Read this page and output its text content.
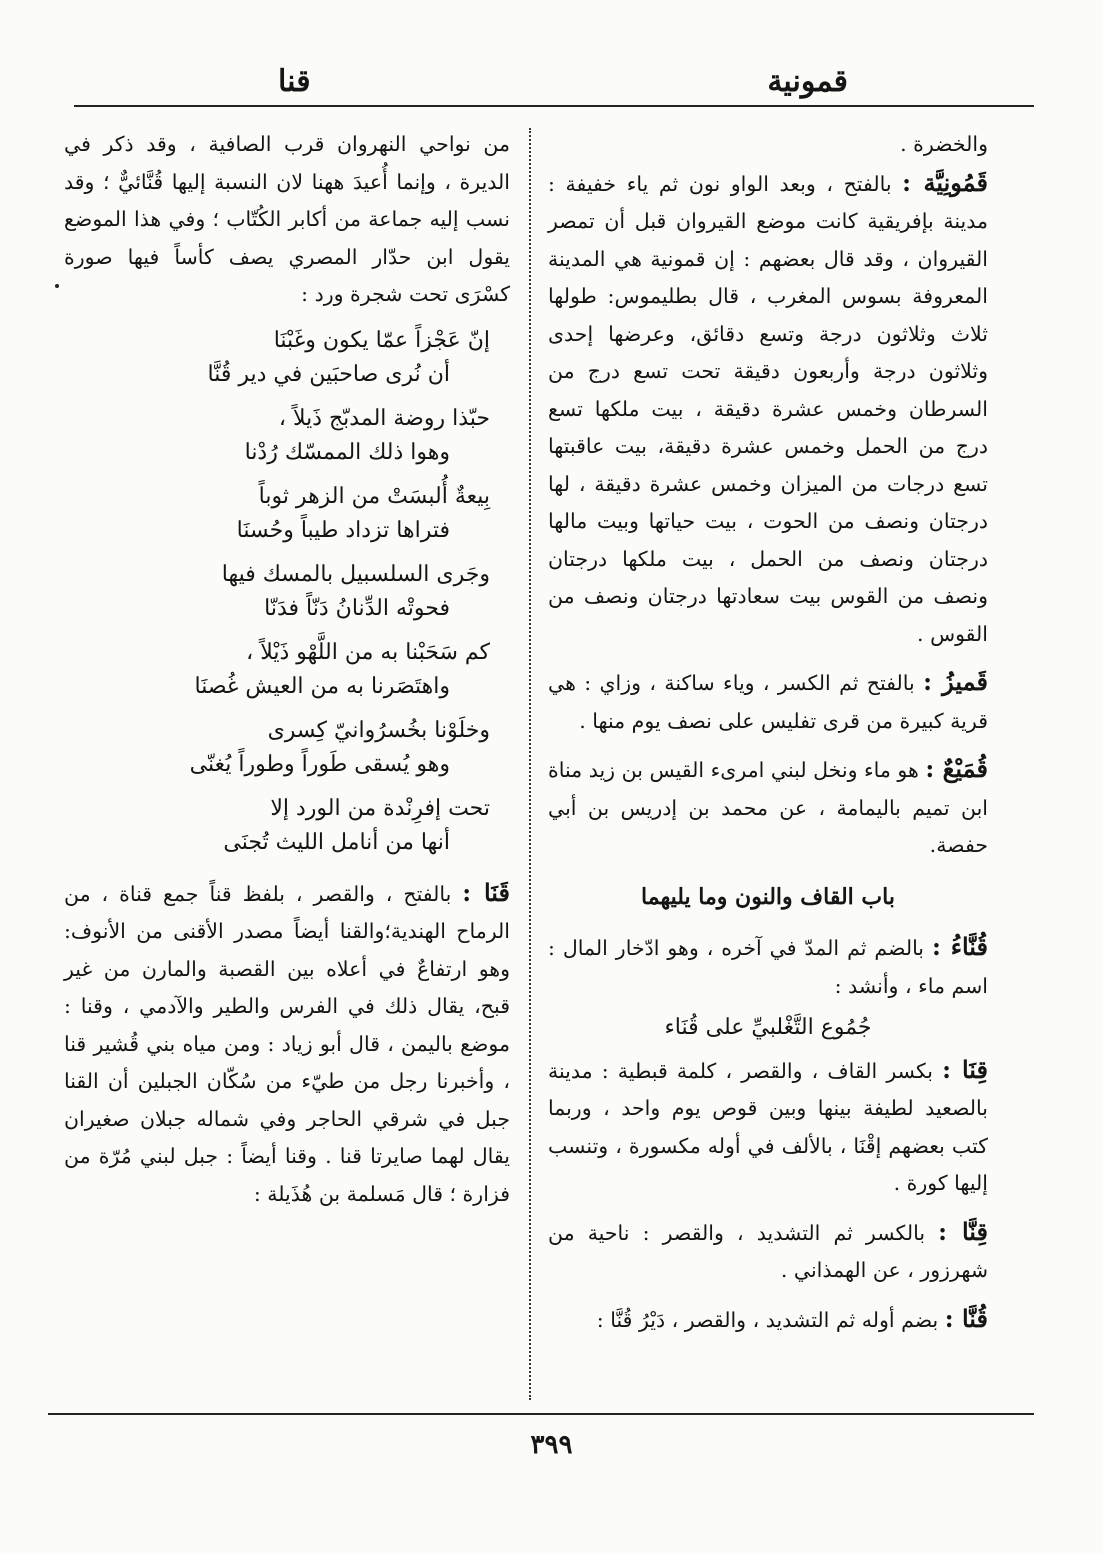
قمونية
قنا

والخضرة .

قَمُونِيَّة : بالفتح ، وبعد الواو نون ثم ياء خفيفة : مدينة بإفريقية كانت موضع القيروان قبل أن تمصر القيروان ، وقد قال بعضهم : إن قمونية هي المدينة المعروفة بسوس المغرب ، قال بطليموس: طولها ثلاث وثلاثون درجة وتسع دقائق، وعرضها إحدى وثلاثون درجة وأربعون دقيقة تحت تسع درج من السرطان وخمس عشرة دقيقة ، بيت ملكها تسع درج من الحمل وخمس عشرة دقيقة، بيت عاقبتها تسع درجات من الميزان وخمس عشرة دقيقة ، لها درجتان ونصف من الحوت ، بيت حياتها وبيت مالها درجتان ونصف من الحمل ، بيت ملكها درجتان ونصف من القوس بيت سعادتها درجتان ونصف من القوس .

قَميزُ : بالفتح ثم الكسر ، وياء ساكنة ، وزاي : هي قرية كبيرة من قرى تفليس على نصف يوم منها .

قُمَيْعٌ : هو ماء ونخل لبني امرىء القيس بن زيد مناة ابن تميم باليمامة ، عن محمد بن إدريس بن أبي حفصة.

باب القاف والنون وما يليهما

قُنَّاءُ : بالضم ثم المدّ في آخره ، وهو ادّخار المال : اسم ماء ، وأنشد :

جُمُوع التَّغْلبيِّ على قُنَاء

قِنَا : بكسر القاف ، والقصر ، كلمة قبطية : مدينة بالصعيد لطيفة بينها وبين قوص يوم واحد ، وربما كتب بعضهم إقْنَا ، بالألف في أوله مكسورة ، وتنسب إليها كورة .

قِنَّا : بالكسر ثم التشديد ، والقصر : ناحية من شهرزور ، عن الهمذاني .

قُنَّا : بضم أوله ثم التشديد ، والقصر ، دَيْرُ قُنَّا :

من نواحي النهروان قرب الصافية ، وقد ذكر في الديرة ، وإنما أُعيدَ ههنا لان النسبة إليها قُنَّائيٌّ ؛ وقد نسب إليه جماعة من أكابر الكُتّاب ؛ وفي هذا الموضع يقول ابن حدّار المصري يصف كأساً فيها صورة كسْرَى تحت شجرة ورد :

إنّ عَجْزاً عمّا يكون وغَبْنَا
أن نُرى صاحبَين في دير قُنَّا
حبّذا روضة المدبّج ذَيلاً ،
وهوا ذلك الممسّك رُدْنا
بِيعةٌ أُلبسَتْ من الزهر ثوباً
فتراها تزداد طيباً وحُسنَا
وجَرى السلسبيل بالمسك فيها
فحوتْه الدِّنانُ دَنّاً فدَنّا
كم سَحَبْنا به من اللَّهْو ذَيْلاً ،
واهتَصَرنا به من العيش غُصنَا
وخلَوْنا بخُسرُوانيّ كِسرى
وهو يُسقى طَوراً وطوراً يُغنّى
تحت إفرِنْدة من الورد إلا
أنها من أنامل الليث تُجنَى

قَنَا : بالفتح ، والقصر ، بلفظ قناً جمع قناة ، من الرماح الهندية؛والقنا أيضاً مصدر الأقنى من الأنوف: وهو ارتفاعٌ في أعلاه بين القصبة والمارن من غير قبح، يقال ذلك في الفرس والطير والآدمي ، وقنا : موضع باليمن ، قال أبو زياد : ومن مياه بني قُشير قنا ، وأخبرنا رجل من طيّء من سُكّان الجبلين أن القنا جبل في شرقي الحاجر وفي شماله جبلان صغيران يقال لهما صايرتا قنا . وقنا أيضاً : جبل لبني مُرّة من فزارة ؛ قال مَسلمة بن هُذَيلة :

٣٩٩
